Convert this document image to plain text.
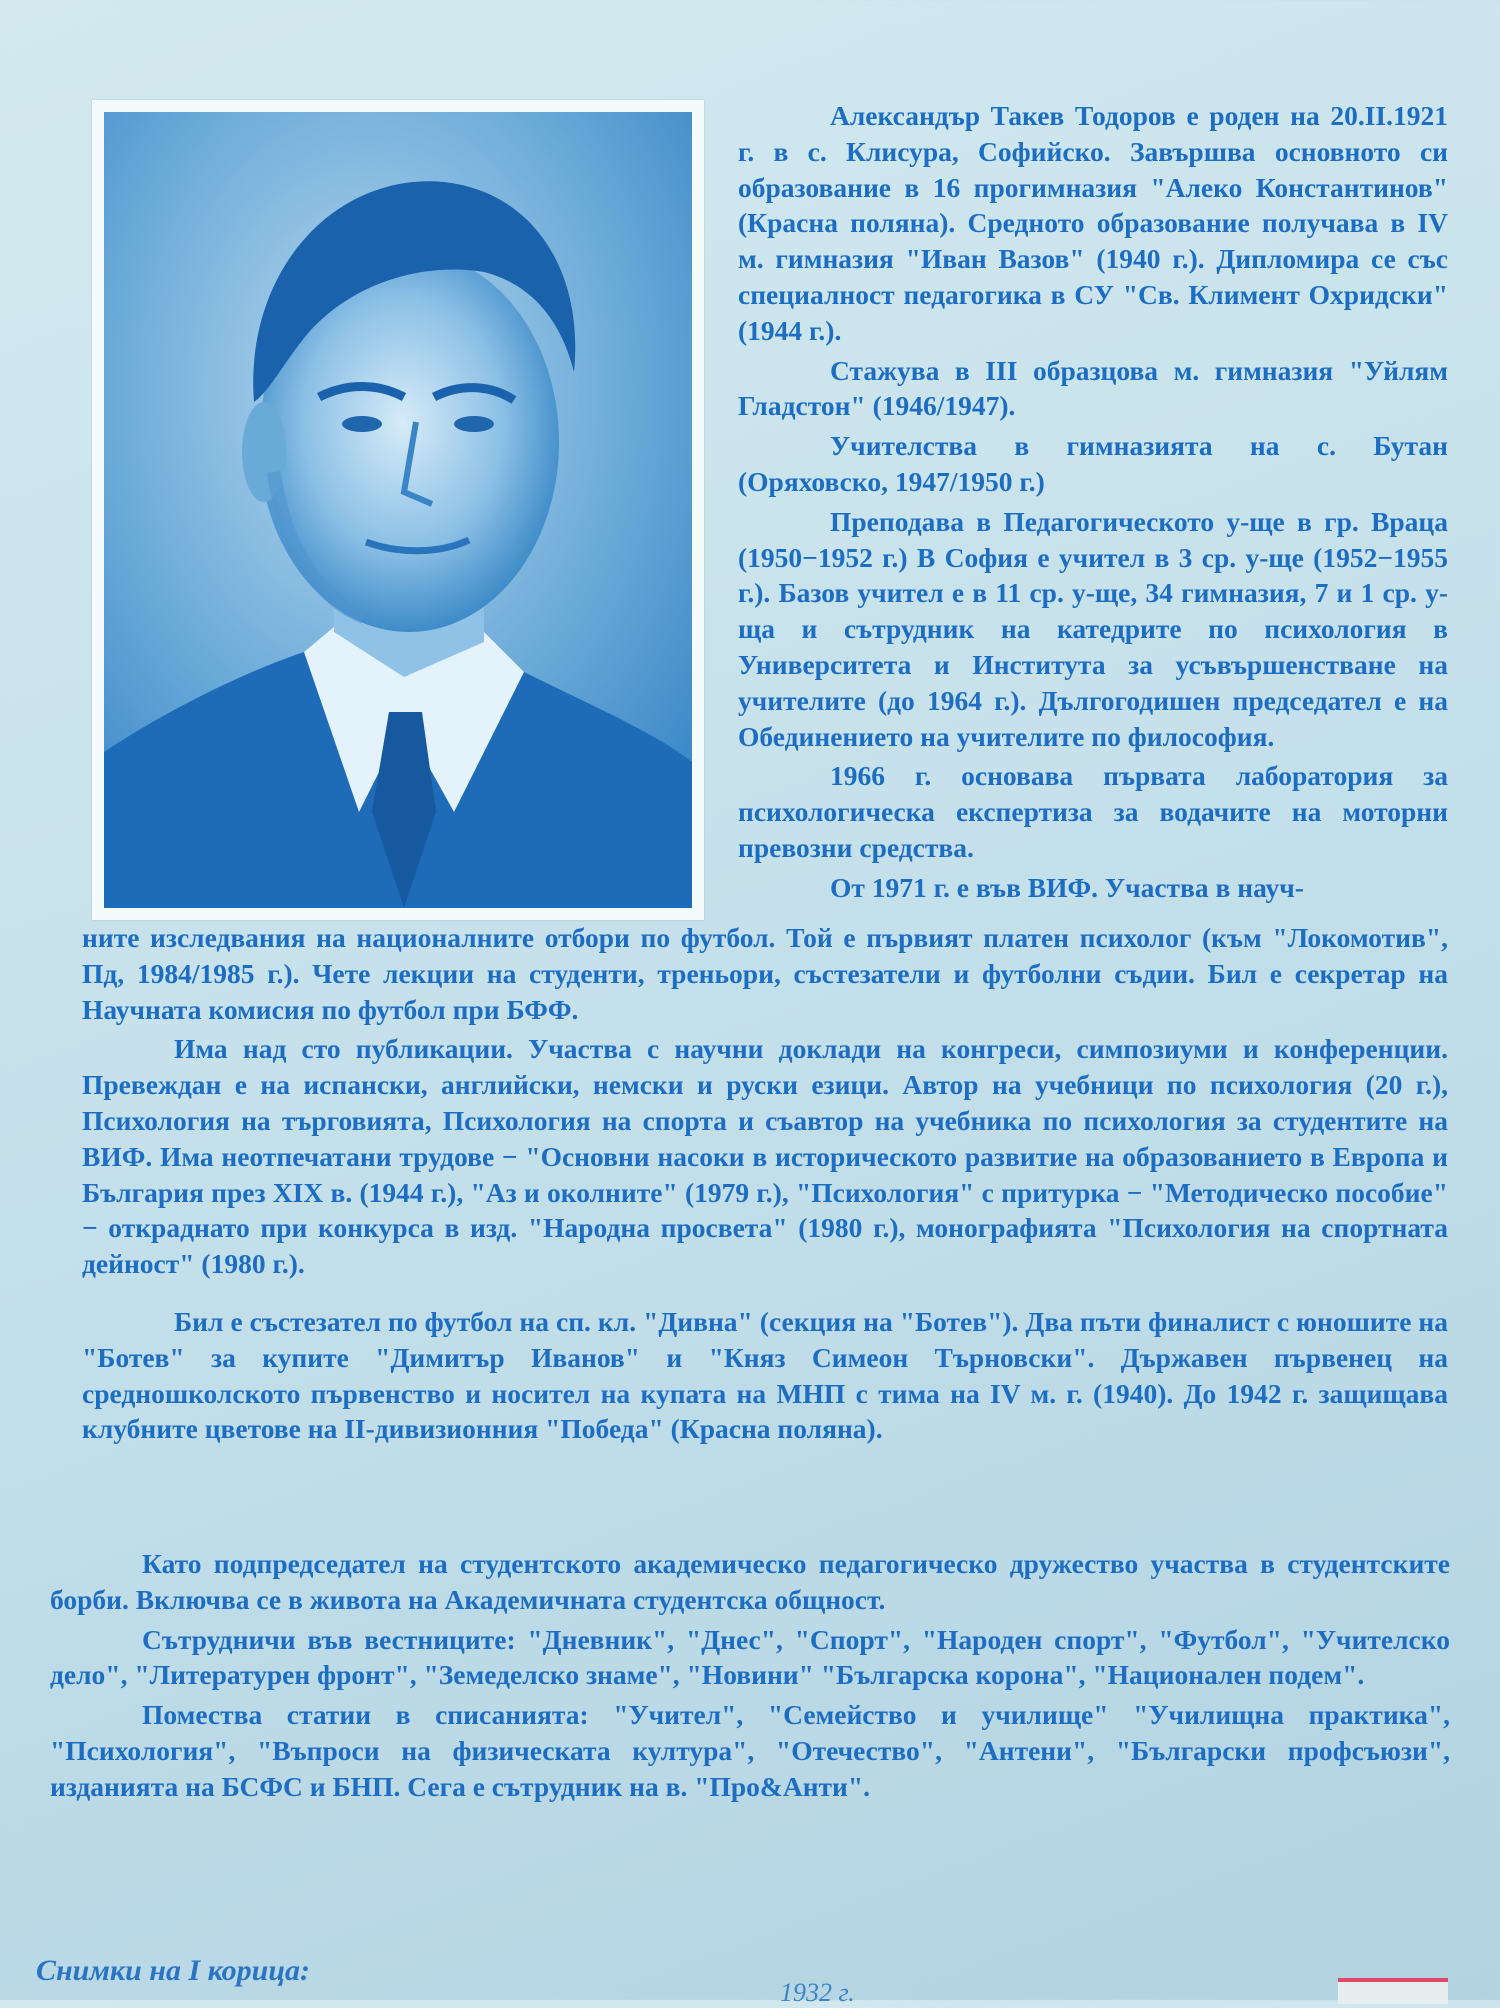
Александър Такев Тодоров е роден на 20.II.1921 г. в с. Клисура, Софийско. Завършва основното си образование в 16 прогимназия "Алеко Константинов" (Красна поляна). Средното образование получава в IV м. гимназия "Иван Вазов" (1940 г.). Дипломира се със специалност педагогика в СУ "Св. Климент Охридски" (1944 г.).

Стажува в III образцова м. гимназия "Уйлям Гладстон" (1946/1947).

Учителства в гимназията на с. Бутан (Оряховско, 1947/1950 г.)

Преподава в Педагогическото у-ще в гр. Враца (1950−1952 г.) В София е учител в 3 ср. у-ще (1952−1955 г.). Базов учител е в 11 ср. у-ще, 34 гимназия, 7 и 1 ср. у-ща и сътрудник на катедрите по психология в Университета и Института за усъвършенстване на учителите (до 1964 г.). Дългогодишен председател е на Обединението на учителите по философия.

1966 г. основава първата лаборатория за психологическа експертиза за водачите на моторни превозни средства.

От 1971 г. е във ВИФ. Участва в науч-

ните изследвания на националните отбори по футбол. Той е първият платен психолог (към "Локомотив", Пд, 1984/1985 г.). Чете лекции на студенти, треньори, състезатели и футболни съдии. Бил е секретар на Научната комисия по футбол при БФФ.

Има над сто публикации. Участва с научни доклади на конгреси, симпозиуми и конференции. Превеждан е на испански, английски, немски и руски езици. Автор на учебници по психология (20 г.), Психология на търговията, Психология на спорта и съавтор на учебника по психология за студентите на ВИФ. Има неотпечатани трудове − "Основни насоки в историческото развитие на образованието в Европа и България през XIX в. (1944 г.), "Аз и околните" (1979 г.), "Психология" с притурка − "Методическо пособие" − откраднато при конкурса в изд. "Народна просвета" (1980 г.), монографията "Психология на спортната дейност" (1980 г.).

Бил е състезател по футбол на сп. кл. "Дивна" (секция на "Ботев"). Два пъти финалист с юношите на "Ботев" за купите "Димитър Иванов" и "Княз Симеон Търновски". Държавен първенец на средношколското първенство и носител на купата на МНП с тима на IV м. г. (1940). До 1942 г. защищава клубните цветове на II-дивизионния "Победа" (Красна поляна).

Като подпредседател на студентското академическо педагогическо дружество участва в студентските борби. Включва се в живота на Академичната студентска общност.

Сътрудничи във вестниците: "Дневник", "Днес", "Спорт", "Народен спорт", "Футбол", "Учителско дело", "Литературен фронт", "Земеделско знаме", "Новини" "Българска корона", "Национален подем".

Помества статии в списанията: "Учител", "Семейство и училище" "Училищна практика", "Психология", "Въпроси на физическата култура", "Отечество", "Антени", "Български профсъюзи", изданията на БСФС и БНП. Сега е сътрудник на в. "Про&Анти".

Снимки на I корица:
1932 г.
